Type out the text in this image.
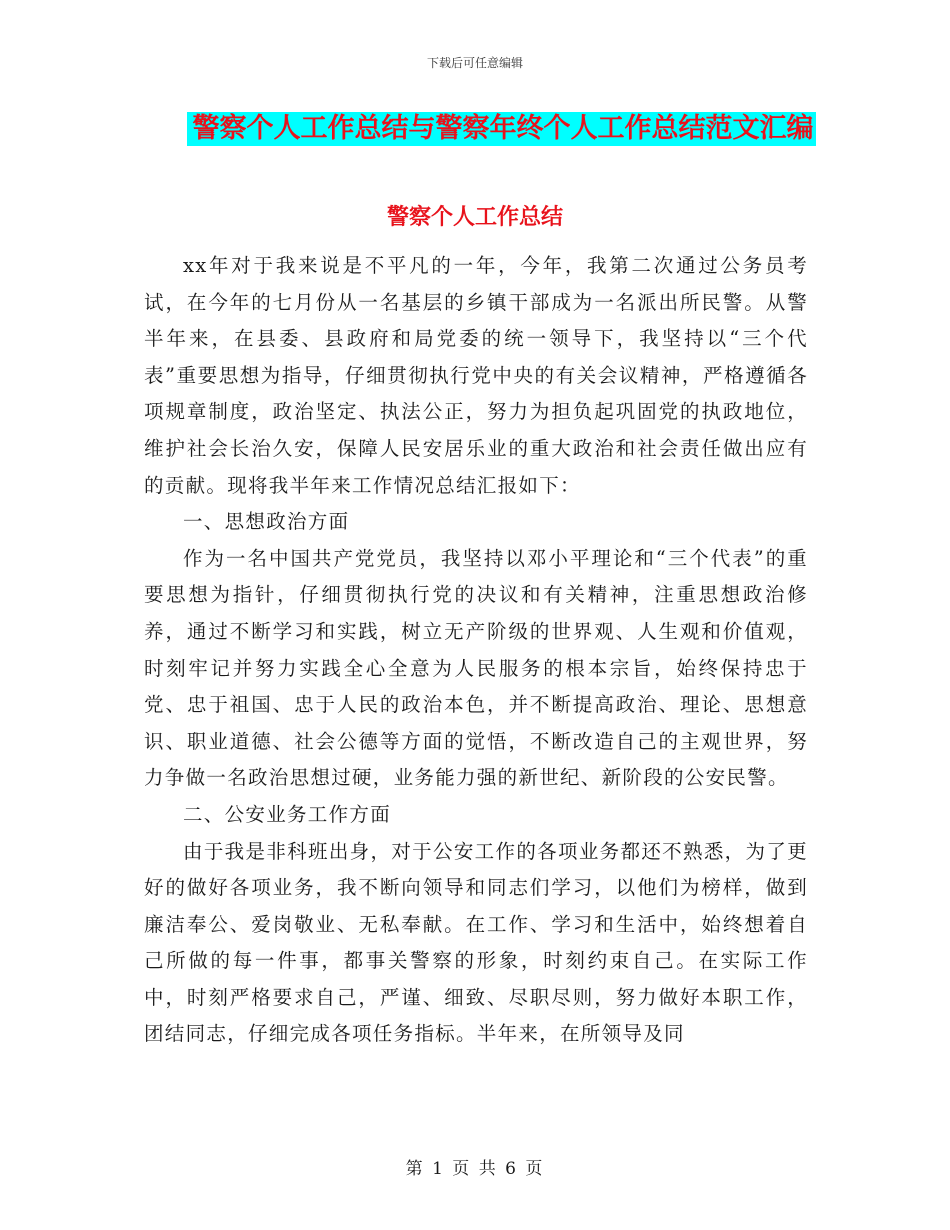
下载后可任意编辑
警察个人工作总结与警察年终个人工作总结范文汇编
警察个人工作总结

xx年对于我来说是不平凡的一年，今年，我第二次通过公务员考试，在今年的七月份从一名基层的乡镇干部成为一名派出所民警。从警半年来，在县委、县政府和局党委的统一领导下，我坚持以“三个代表”重要思想为指导，仔细贯彻执行党中央的有关会议精神，严格遵循各项规章制度，政治坚定、执法公正，努力为担负起巩固党的执政地位，维护社会长治久安，保障人民安居乐业的重大政治和社会责任做出应有的贡献。现将我半年来工作情况总结汇报如下：

一、思想政治方面

作为一名中国共产党党员，我坚持以邓小平理论和“三个代表”的重要思想为指针，仔细贯彻执行党的决议和有关精神，注重思想政治修养，通过不断学习和实践，树立无产阶级的世界观、人生观和价值观，时刻牢记并努力实践全心全意为人民服务的根本宗旨，始终保持忠于党、忠于祖国、忠于人民的政治本色，并不断提高政治、理论、思想意识、职业道德、社会公德等方面的觉悟，不断改造自己的主观世界，努力争做一名政治思想过硬，业务能力强的新世纪、新阶段的公安民警。

二、公安业务工作方面

由于我是非科班出身，对于公安工作的各项业务都还不熟悉，为了更好的做好各项业务，我不断向领导和同志们学习，以他们为榜样，做到廉洁奉公、爱岗敬业、无私奉献。在工作、学习和生活中，始终想着自己所做的每一件事，都事关警察的形象，时刻约束自己。在实际工作中，时刻严格要求自己，严谨、细致、尽职尽则，努力做好本职工作，团结同志，仔细完成各项任务指标。半年来，在所领导及同

第 1 页 共 6 页
